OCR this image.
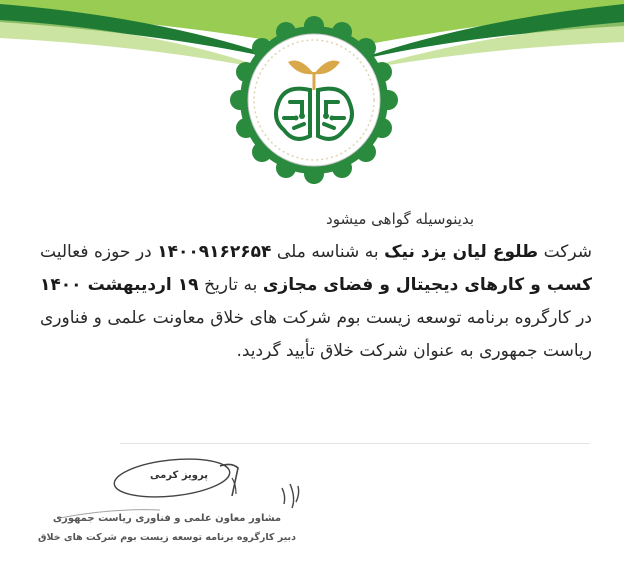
بدینوسیله گواهی میشود

شرکت طلوع لیان یزد نیک به شناسه ملی ۱۴۰۰۹۱۶۲۶۵۴ در حوزه فعالیت کسب و کارهای دیجیتال و فضای مجازی به تاریخ ۱۹ اردیبهشت ۱۴۰۰ در کارگروه برنامه توسعه زیست بوم شرکت های خلاق معاونت علمی و فناوری ریاست جمهوری به عنوان شرکت خلاق تأیید گردید.

پرویز کرمی
مشاور معاون علمی و فناوری ریاست جمهوری
دبیر کارگروه برنامه توسعه زیست بوم شرکت های خلاق
